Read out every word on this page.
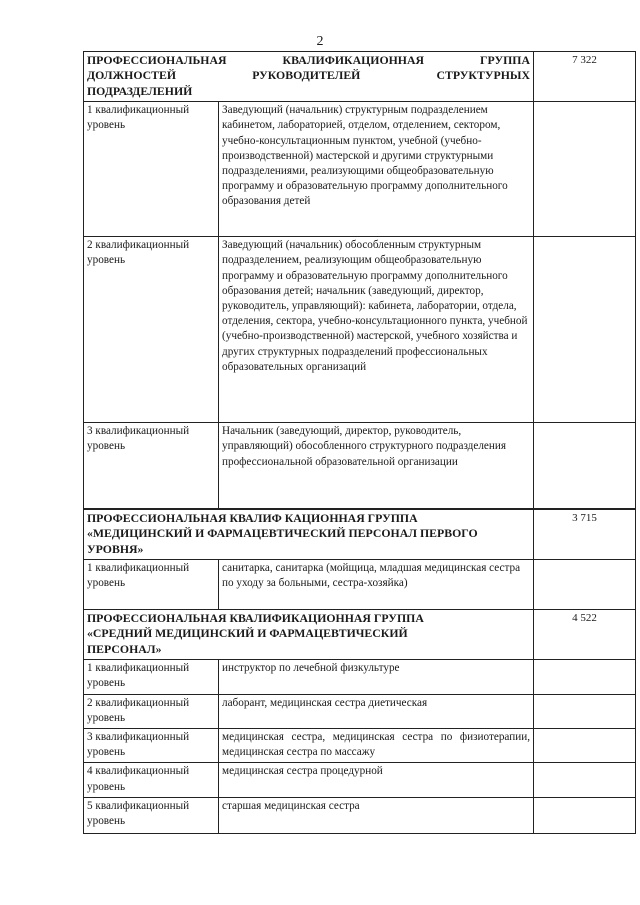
2
ПРОФЕССИОНАЛЬНАЯ КВАЛИФИКАЦИОННАЯ ГРУППА
ДОЛЖНОСТЕЙ РУКОВОДИТЕЛЕЙ СТРУКТУРНЫХ
ПОДРАЗДЕЛЕНИЙ		7 322
1 квалификационный уровень	Заведующий (начальник) структурным подразделением кабинетом, лабораторией, отделом, отделением, сектором, учебно-консультационным пунктом, учебной (учебно-производственной) мастерской и другими структурными подразделениями, реализующими общеобразовательную программу и образовательную программу дополнительного образования детей	
2 квалификационный уровень	Заведующий (начальник) обособленным структурным подразделением, реализующим общеобразовательную программу и образовательную программу дополнительного образования детей; начальник (заведующий, директор, руководитель, управляющий): кабинета, лаборатории, отдела, отделения, сектора, учебно-консультационного пункта, учебной (учебно-производственной) мастерской, учебного хозяйства и других структурных подразделений профессиональных образовательных организаций	
3 квалификационный уровень	Начальник (заведующий, директор, руководитель, управляющий) обособленного структурного подразделения профессиональной образовательной организации	

ПРОФЕССИОНАЛЬНАЯ КВАЛИФ КАЦИОННАЯ ГРУППА
«МЕДИЦИНСКИЙ И ФАРМАЦЕВТИЧЕСКИЙ ПЕРСОНАЛ ПЕРВОГО
УРОВНЯ»		3 715
1 квалификационный уровень	санитарка, санитарка (мойщица, младшая медицинская сестра по уходу за больными, сестра-хозяйка)	

ПРОФЕССИОНАЛЬНАЯ КВАЛИФИКАЦИОННАЯ ГРУППА
«СРЕДНИЙ МЕДИЦИНСКИЙ И ФАРМАЦЕВТИЧЕСКИЙ
ПЕРСОНАЛ»		4 522
1 квалификационный уровень	инструктор по лечебной физкультуре	
2 квалификационный уровень	лаборант, медицинская сестра диетическая	
3 квалификационный уровень	медицинская сестра, медицинская сестра по физиотерапии, медицинская сестра по массажу	
4 квалификационный уровень	медицинская сестра процедурной	
5 квалификационный уровень	старшая медицинская сестра	
